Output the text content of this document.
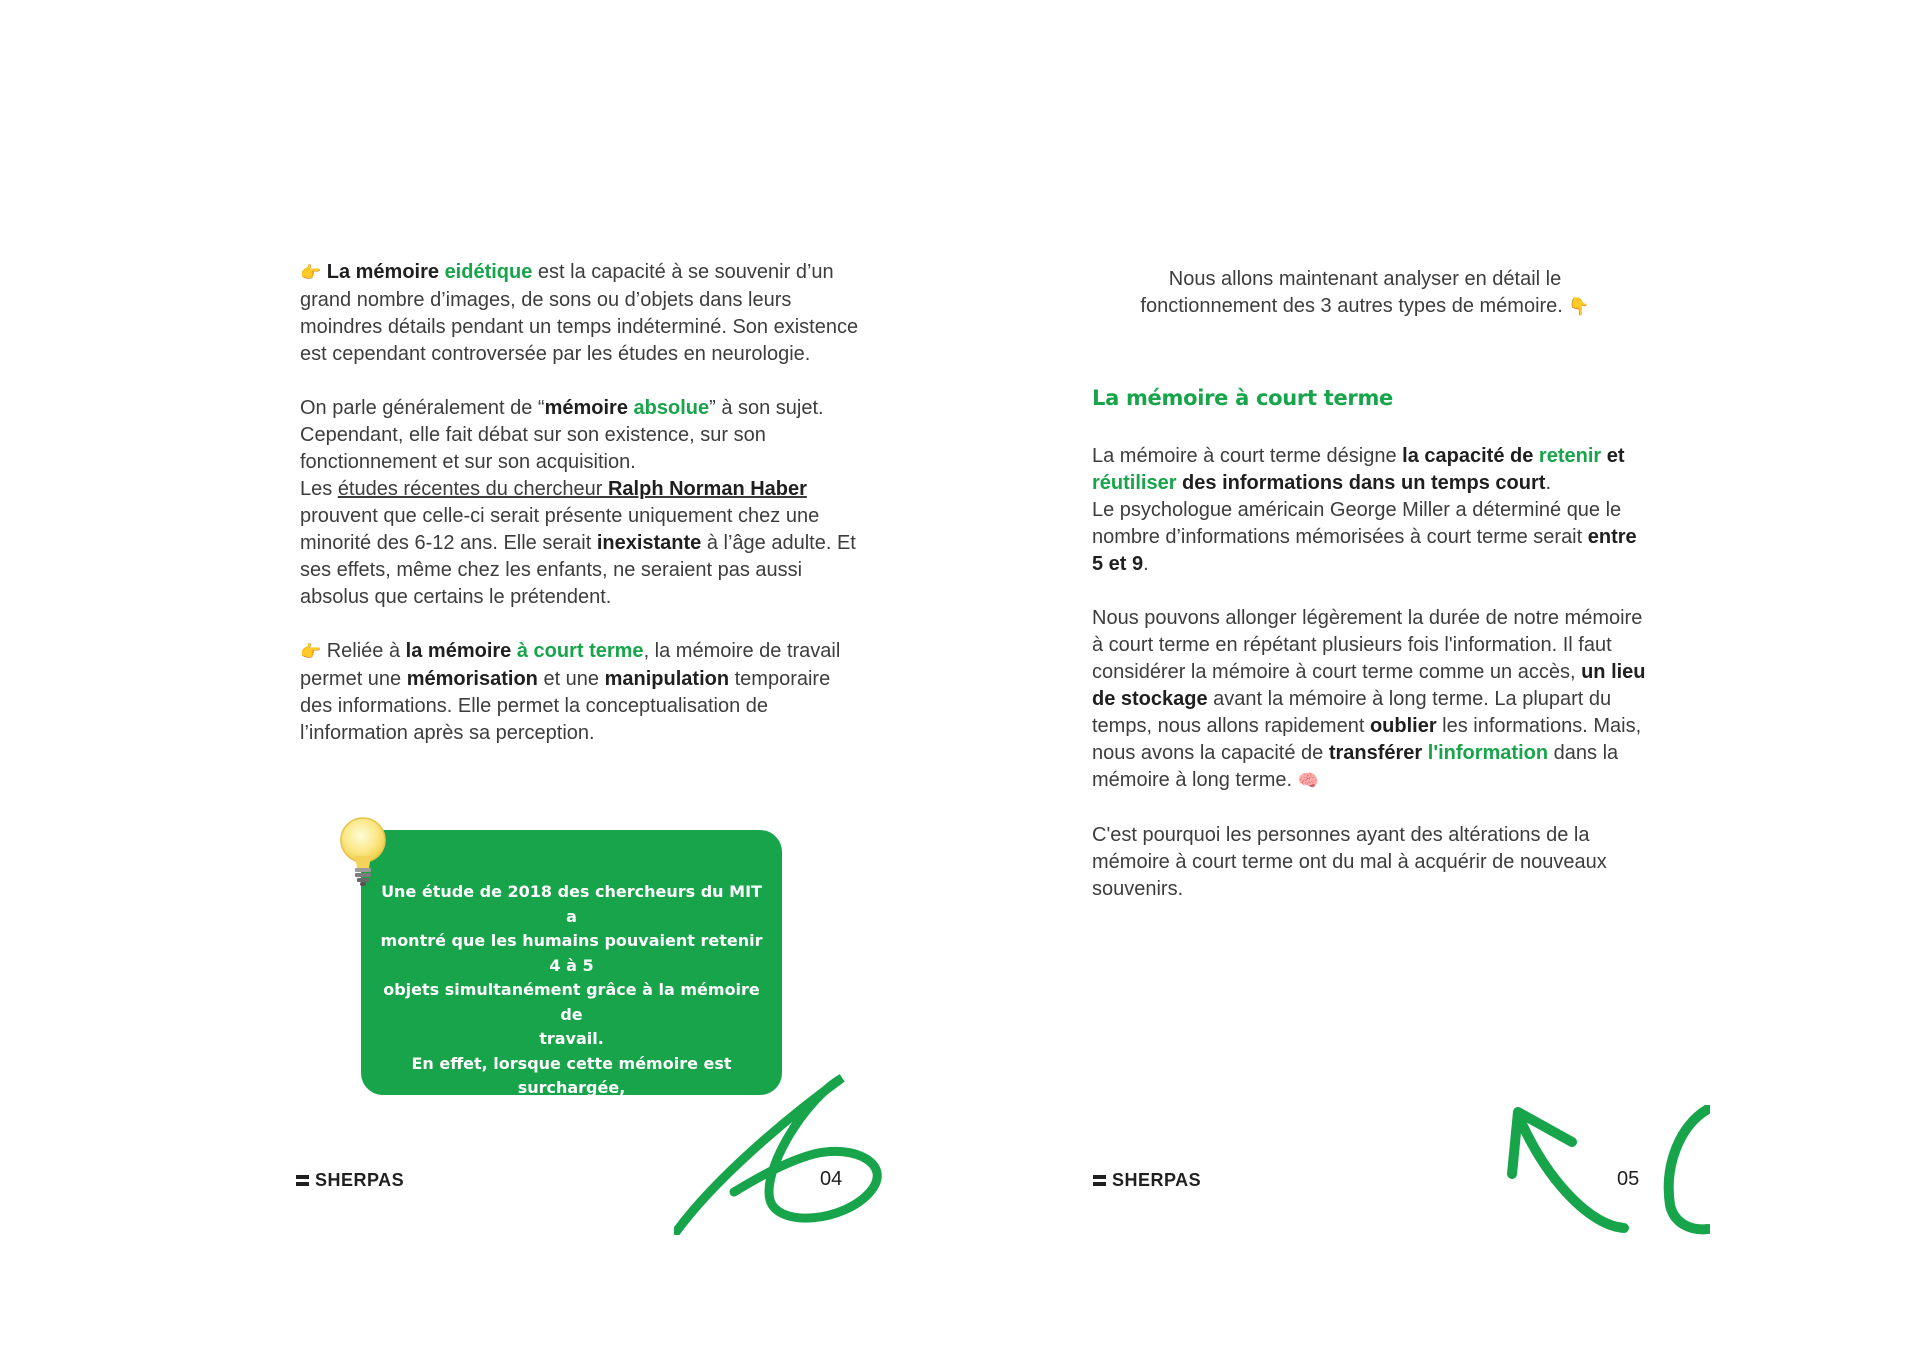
👉 La mémoire eidétique est la capacité à se souvenir d’un grand nombre d’images, de sons ou d’objets dans leurs moindres détails pendant un temps indéterminé. Son existence est cependant controversée par les études en neurologie.

On parle généralement de “mémoire absolue” à son sujet. Cependant, elle fait débat sur son existence, sur son fonctionnement et sur son acquisition.
Les études récentes du chercheur Ralph Norman Haber prouvent que celle-ci serait présente uniquement chez une minorité des 6-12 ans. Elle serait inexistante à l’âge adulte. Et ses effets, même chez les enfants, ne seraient pas aussi absolus que certains le prétendent.

👉 Reliée à la mémoire à court terme, la mémoire de travail permet une mémorisation et une manipulation temporaire des informations. Elle permet la conceptualisation de l’information après sa perception.

Une étude de 2018 des chercheurs du MIT a
montré que les humains pouvaient retenir 4 à 5
objets simultanément grâce à la mémoire de
travail.
En effet, lorsque cette mémoire est surchargée,
le dialogue entre certaines régions du cerveau
s’effondre.
SHERPAS	04
Nous allons maintenant analyser en détail le
fonctionnement des 3 autres types de mémoire. 👇
La mémoire à court terme

La mémoire à court terme désigne la capacité de retenir et réutiliser des informations dans un temps court.
Le psychologue américain George Miller a déterminé que le nombre d’informations mémorisées à court terme serait entre 5 et 9.

Nous pouvons allonger légèrement la durée de notre mémoire à court terme en répétant plusieurs fois l'information. Il faut considérer la mémoire à court terme comme un accès, un lieu de stockage avant la mémoire à long terme. La plupart du temps, nous allons rapidement oublier les informations. Mais, nous avons la capacité de transférer l'information dans la mémoire à long terme. 🧠

C'est pourquoi les personnes ayant des altérations de la mémoire à court terme ont du mal à acquérir de nouveaux souvenirs.

SHERPAS	05
